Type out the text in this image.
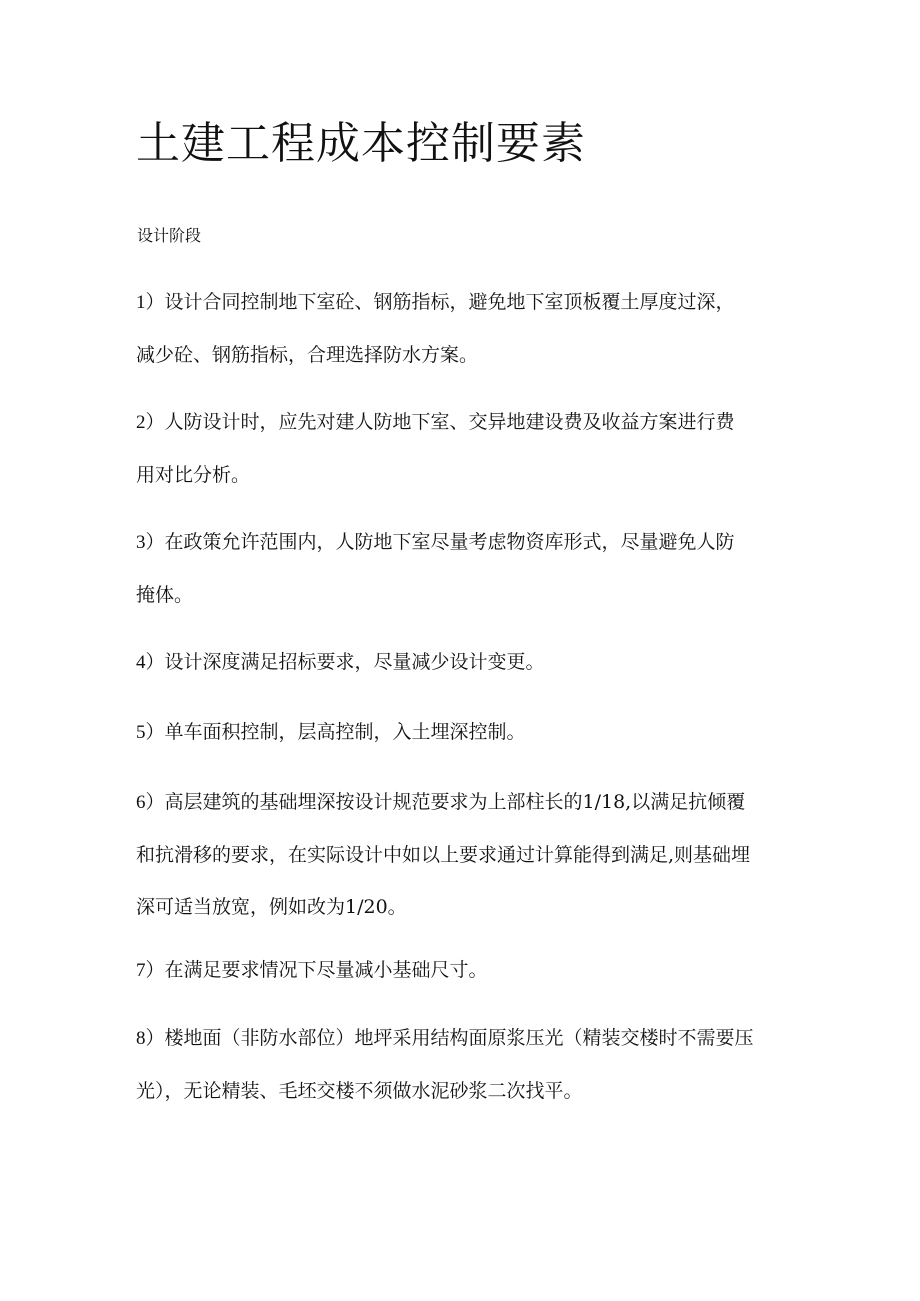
土建工程成本控制要素
设计阶段
1）设计合同控制地下室砼、钢筋指标，避免地下室顶板覆土厚度过深，
减少砼、钢筋指标，合理选择防水方案。
2）人防设计时，应先对建人防地下室、交异地建设费及收益方案进行费
用对比分析。
3）在政策允许范围内，人防地下室尽量考虑物资库形式，尽量避免人防
掩体。
4）设计深度满足招标要求，尽量减少设计变更。
5）单车面积控制，层高控制，入土埋深控制。
6）高层建筑的基础埋深按设计规范要求为上部柱长的1/18,以满足抗倾覆
和抗滑移的要求，在实际设计中如以上要求通过计算能得到满足,则基础埋
深可适当放宽，例如改为1/20。
7）在满足要求情况下尽量减小基础尺寸。
8）楼地面（非防水部位）地坪采用结构面原浆压光（精装交楼时不需要压
光），无论精装、毛坯交楼不须做水泥砂浆二次找平。
